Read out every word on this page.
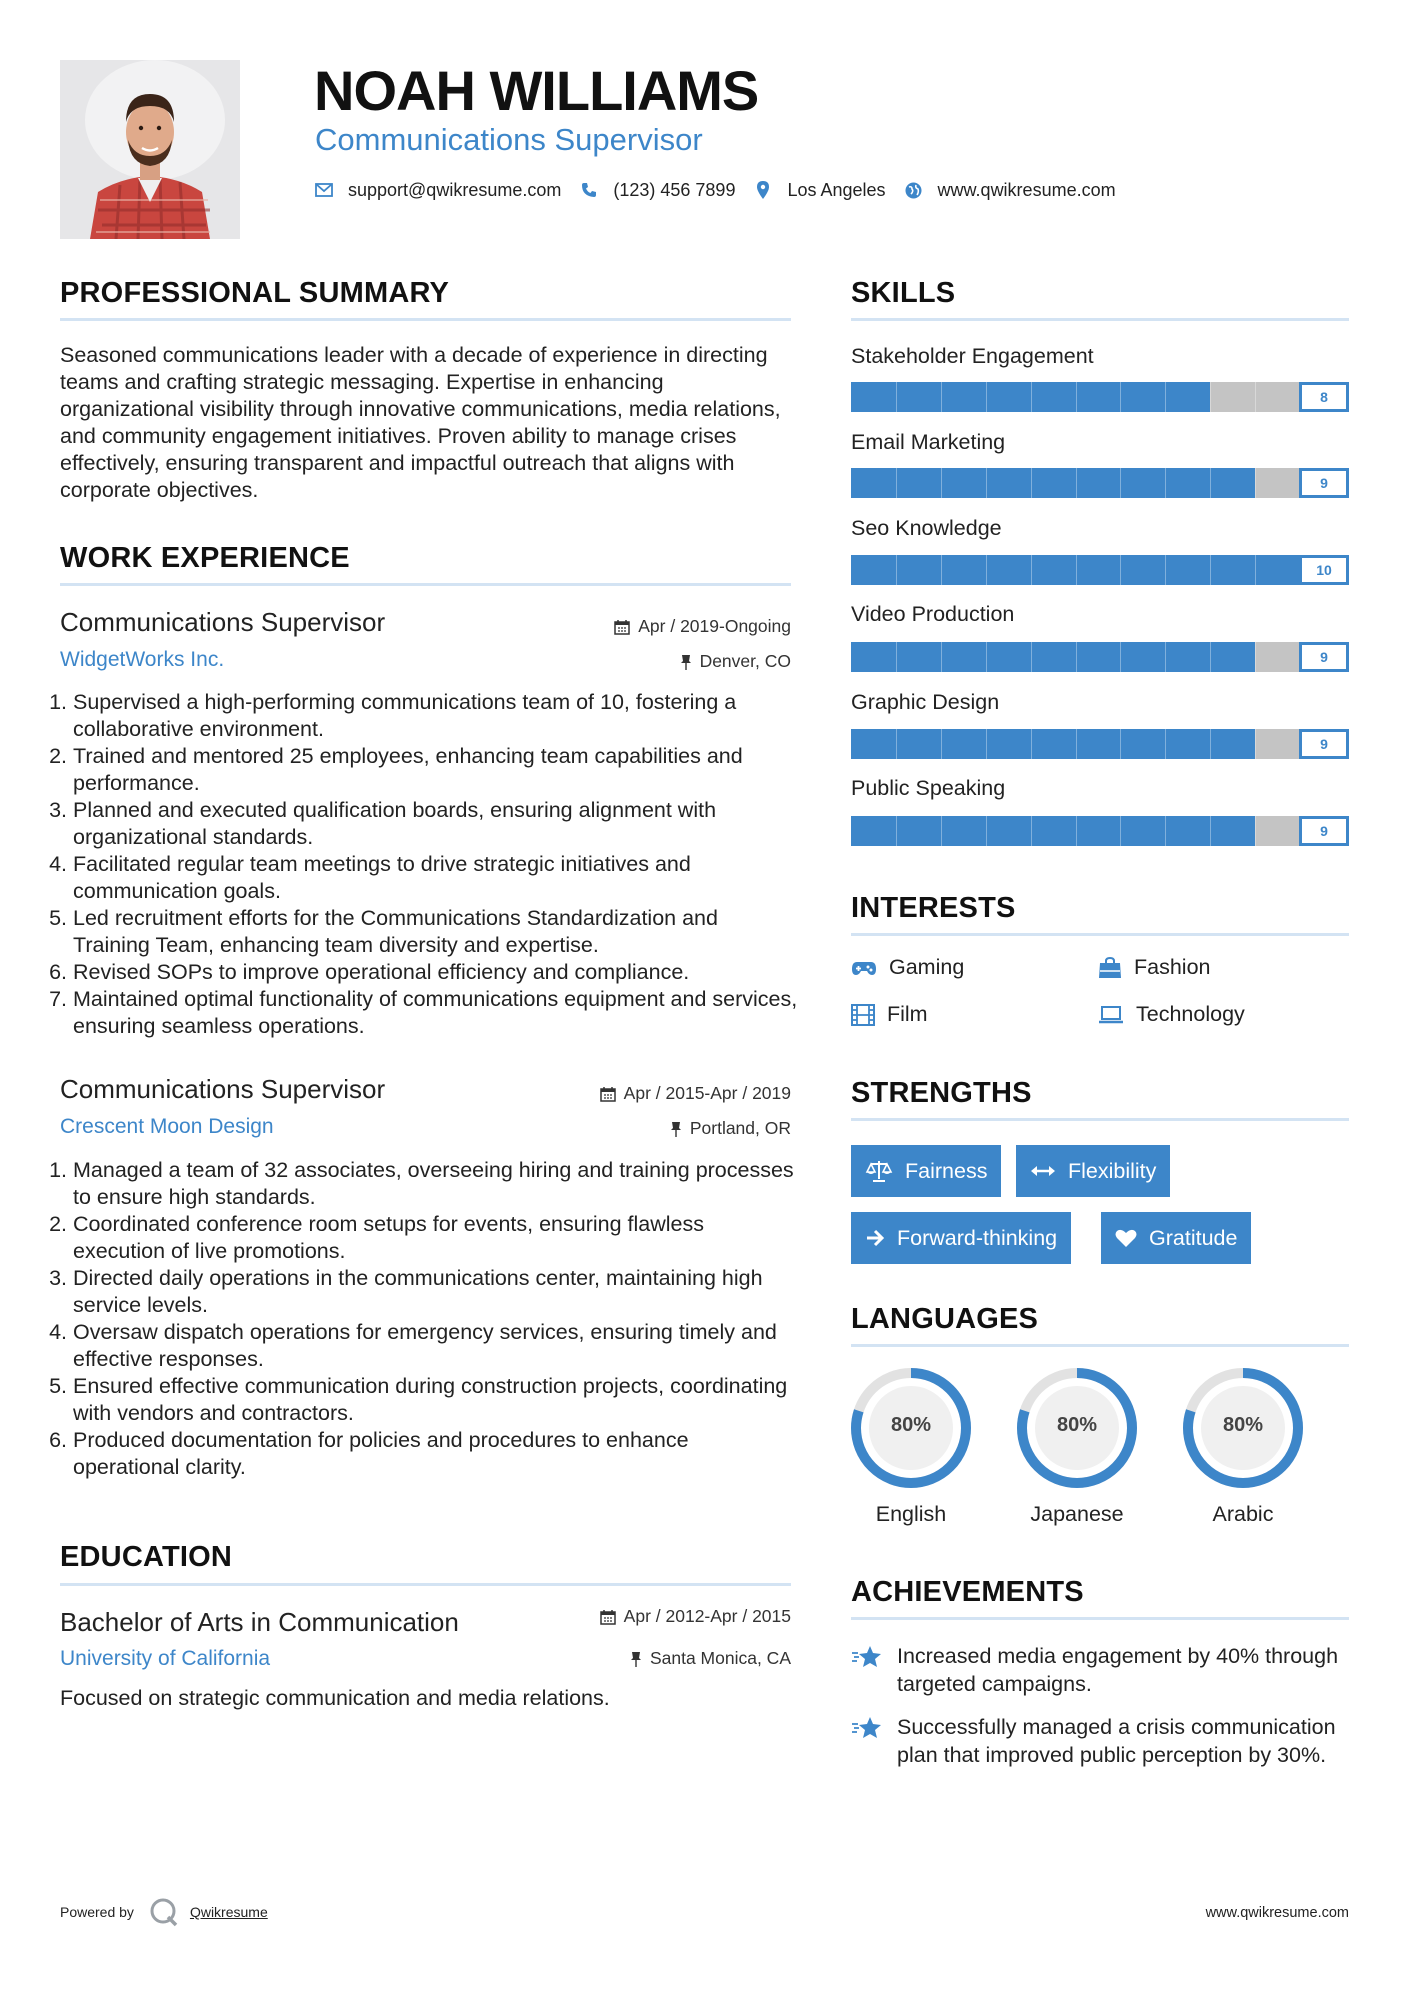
NOAH WILLIAMS
Communications Supervisor
support@qwikresume.com	(123) 456 7899	Los Angeles	www.qwikresume.com
PROFESSIONAL SUMMARY
Seasoned communications leader with a decade of experience in directing teams and crafting strategic messaging. Expertise in enhancing organizational visibility through innovative communications, media relations, and community engagement initiatives. Proven ability to manage crises effectively, ensuring transparent and impactful outreach that aligns with corporate objectives.
WORK EXPERIENCE
Communications Supervisor	Apr / 2019-Ongoing
WidgetWorks Inc.	Denver, CO
1. Supervised a high-performing communications team of 10, fostering a collaborative environment.
2. Trained and mentored 25 employees, enhancing team capabilities and performance.
3. Planned and executed qualification boards, ensuring alignment with organizational standards.
4. Facilitated regular team meetings to drive strategic initiatives and communication goals.
5. Led recruitment efforts for the Communications Standardization and Training Team, enhancing team diversity and expertise.
6. Revised SOPs to improve operational efficiency and compliance.
7. Maintained optimal functionality of communications equipment and services, ensuring seamless operations.
Communications Supervisor	Apr / 2015-Apr / 2019
Crescent Moon Design	Portland, OR
1. Managed a team of 32 associates, overseeing hiring and training processes to ensure high standards.
2. Coordinated conference room setups for events, ensuring flawless execution of live promotions.
3. Directed daily operations in the communications center, maintaining high service levels.
4. Oversaw dispatch operations for emergency services, ensuring timely and effective responses.
5. Ensured effective communication during construction projects, coordinating with vendors and contractors.
6. Produced documentation for policies and procedures to enhance operational clarity.
EDUCATION
Bachelor of Arts in Communication	Apr / 2012-Apr / 2015
University of California	Santa Monica, CA
Focused on strategic communication and media relations.
SKILLS
Stakeholder Engagement
8
Email Marketing
9
Seo Knowledge
10
Video Production
9
Graphic Design
9
Public Speaking
9
INTERESTS
Gaming	Fashion
Film	Technology
STRENGTHS
Fairness	Flexibility
Forward-thinking	Gratitude
LANGUAGES
80%
English
80%
Japanese
80%
Arabic
ACHIEVEMENTS
Increased media engagement by 40% through targeted campaigns.
Successfully managed a crisis communication plan that improved public perception by 30%.
Powered by	Qwikresume	www.qwikresume.com
